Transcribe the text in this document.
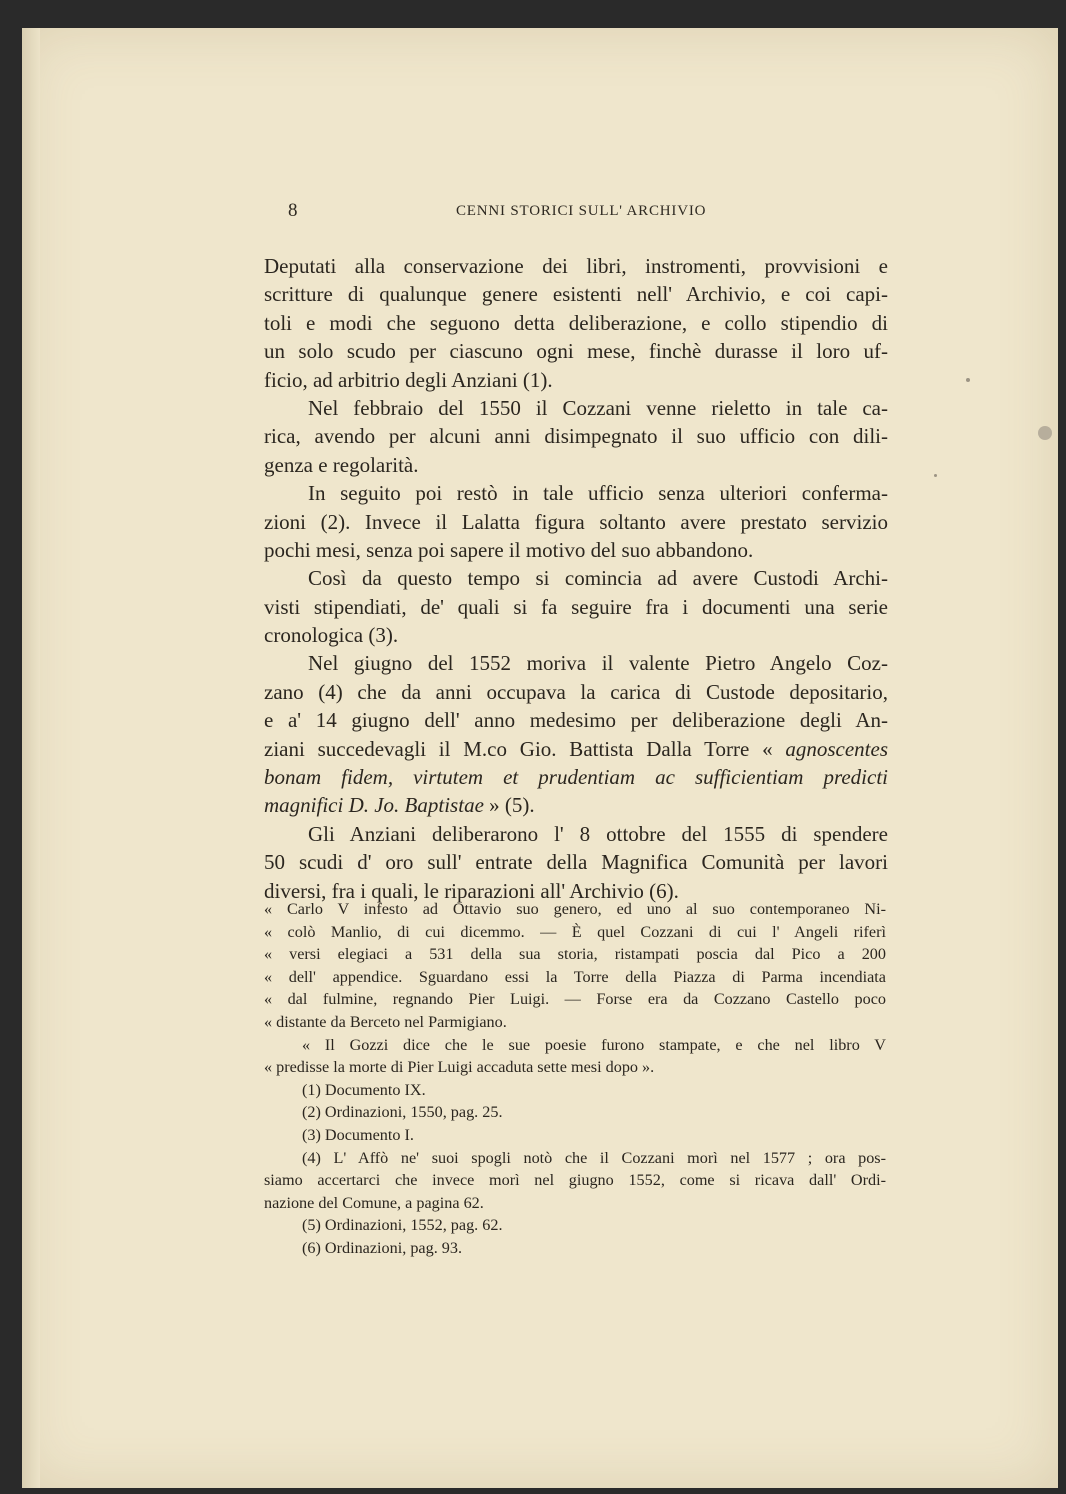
8	CENNI STORICI SULL' ARCHIVIO
Deputati alla conservazione dei libri, instromenti, provvisioni e
scritture di qualunque genere esistenti nell' Archivio, e coi capi-
toli e modi che seguono detta deliberazione, e collo stipendio di
un solo scudo per ciascuno ogni mese, finchè durasse il loro uf-
ficio, ad arbitrio degli Anziani (1).
Nel febbraio del 1550 il Cozzani venne rieletto in tale ca-
rica, avendo per alcuni anni disimpegnato il suo ufficio con dili-
genza e regolarità.
In seguito poi restò in tale ufficio senza ulteriori conferma-
zioni (2). Invece il Lalatta figura soltanto avere prestato servizio
pochi mesi, senza poi sapere il motivo del suo abbandono.
Così da questo tempo si comincia ad avere Custodi Archi-
visti stipendiati, de' quali si fa seguire fra i documenti una serie
cronologica (3).
Nel giugno del 1552 moriva il valente Pietro Angelo Coz-
zano (4) che da anni occupava la carica di Custode depositario,
e a' 14 giugno dell' anno medesimo per deliberazione degli An-
ziani succedevagli il M.co Gio. Battista Dalla Torre « agnoscentes
bonam fidem, virtutem et prudentiam ac sufficientiam predicti
magnifici D. Jo. Baptistae » (5).
Gli Anziani deliberarono l' 8 ottobre del 1555 di spendere
50 scudi d' oro sull' entrate della Magnifica Comunità per lavori
diversi, fra i quali, le riparazioni all' Archivio (6).
« Carlo V infesto ad Ottavio suo genero, ed uno al suo contemporaneo Ni-
« colò Manlio, di cui dicemmo. — È quel Cozzani di cui l' Angeli riferì
« versi elegiaci a 531 della sua storia, ristampati poscia dal Pico a 200
« dell' appendice. Sguardano essi la Torre della Piazza di Parma incendiata
« dal fulmine, regnando Pier Luigi. — Forse era da Cozzano Castello poco
« distante da Berceto nel Parmigiano.
« Il Gozzi dice che le sue poesie furono stampate, e che nel libro V
« predisse la morte di Pier Luigi accaduta sette mesi dopo ».
(1) Documento IX.
(2) Ordinazioni, 1550, pag. 25.
(3) Documento I.
(4) L' Affò ne' suoi spogli notò che il Cozzani morì nel 1577 ; ora pos-
siamo accertarci che invece morì nel giugno 1552, come si ricava dall' Ordi-
nazione del Comune, a pagina 62.
(5) Ordinazioni, 1552, pag. 62.
(6) Ordinazioni, pag. 93.
